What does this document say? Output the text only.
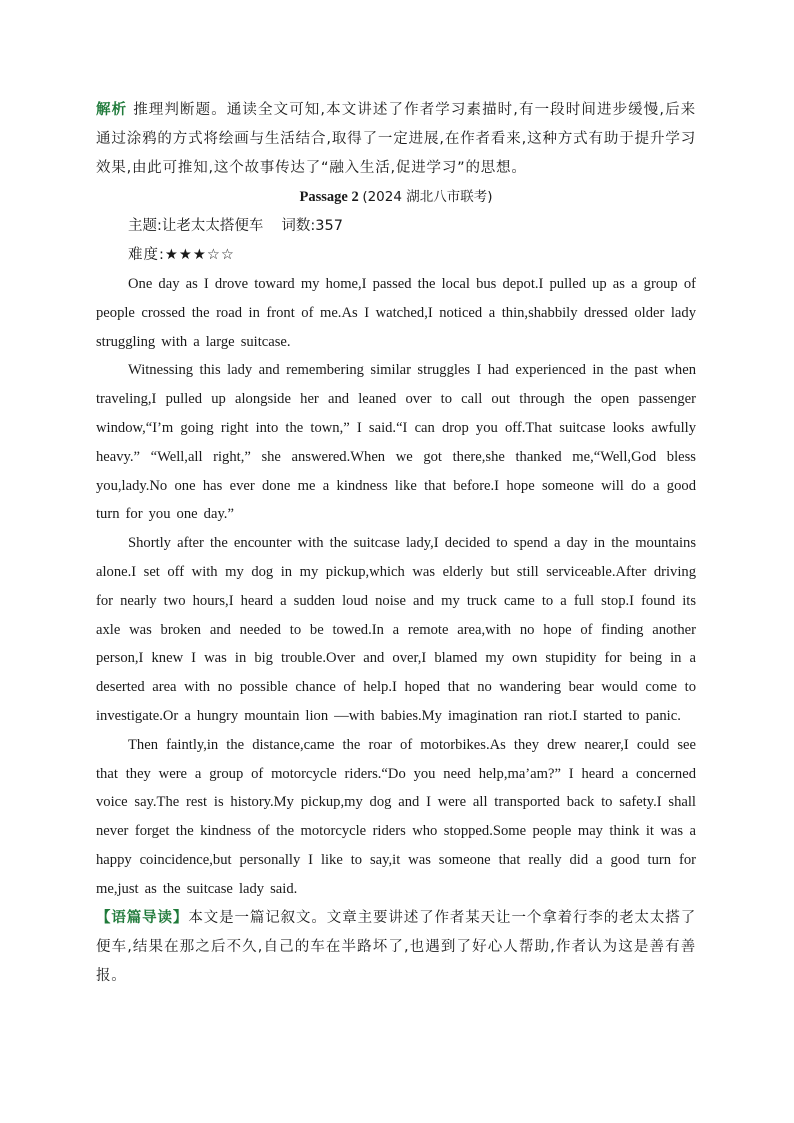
解析 推理判断题。通读全文可知,本文讲述了作者学习素描时,有一段时间进步缓慢,后来通过涂鸦的方式将绘画与生活结合,取得了一定进展,在作者看来,这种方式有助于提升学习效果,由此可推知,这个故事传达了“融入生活,促进学习”的思想。

Passage 2 (2024 湖北八市联考)

主题:让老太太搭便车 词数:357

难度:★★★☆☆

One day as I drove toward my home,I passed the local bus depot.I pulled up as a group of people crossed the road in front of me.As I watched,I noticed a thin,shabbily dressed older lady struggling with a large suitcase.

Witnessing this lady and remembering similar struggles I had experienced in the past when traveling,I pulled up alongside her and leaned over to call out through the open passenger window,“I’m going right into the town,” I said.“I can drop you off.That suitcase looks awfully heavy.” “Well,all right,” she answered.When we got there,she thanked me,“Well,God bless you,lady.No one has ever done me a kindness like that before.I hope someone will do a good turn for you one day.”

Shortly after the encounter with the suitcase lady,I decided to spend a day in the mountains alone.I set off with my dog in my pickup,which was elderly but still serviceable.After driving for nearly two hours,I heard a sudden loud noise and my truck came to a full stop.I found its axle was broken and needed to be towed.In a remote area,with no hope of finding another person,I knew I was in big trouble.Over and over,I blamed my own stupidity for being in a deserted area with no possible chance of help.I hoped that no wandering bear would come to investigate.Or a hungry mountain lion —with babies.My imagination ran riot.I started to panic.

Then faintly,in the distance,came the roar of motorbikes.As they drew nearer,I could see that they were a group of motorcycle riders.“Do you need help,ma’am?” I heard a concerned voice say.The rest is history.My pickup,my dog and I were all transported back to safety.I shall never forget the kindness of the motorcycle riders who stopped.Some people may think it was a happy coincidence,but personally I like to say,it was someone that really did a good turn for me,just as the suitcase lady said.

【语篇导读】本文是一篇记叙文。文章主要讲述了作者某天让一个拿着行李的老太太搭了便车,结果在那之后不久,自己的车在半路坏了,也遇到了好心人帮助,作者认为这是善有善报。
